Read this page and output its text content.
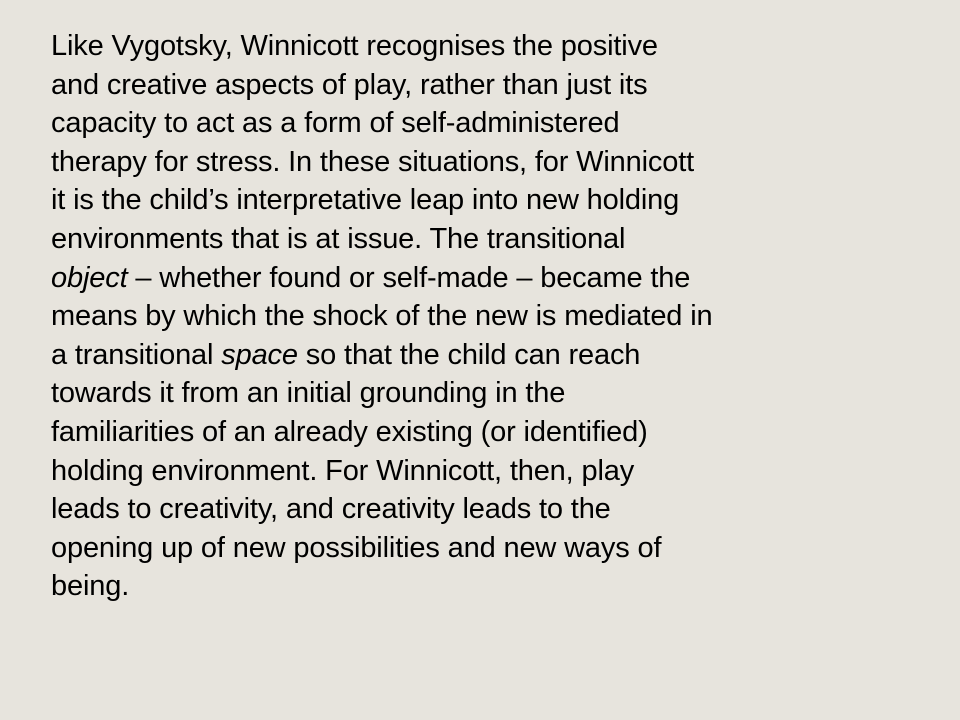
Like Vygotsky, Winnicott recognises the positive
and creative aspects of play, rather than just its
capacity to act as a form of self-administered
therapy for stress. In these situations, for Winnicott
it is the child’s interpretative leap into new holding
environments that is at issue. The transitional
object – whether found or self-made – became the
means by which the shock of the new is mediated in
a transitional space so that the child can reach
towards it from an initial grounding in the
familiarities of an already existing (or identified)
holding environment. For Winnicott, then, play
leads to creativity, and creativity leads to the
opening up of new possibilities and new ways of
being.
